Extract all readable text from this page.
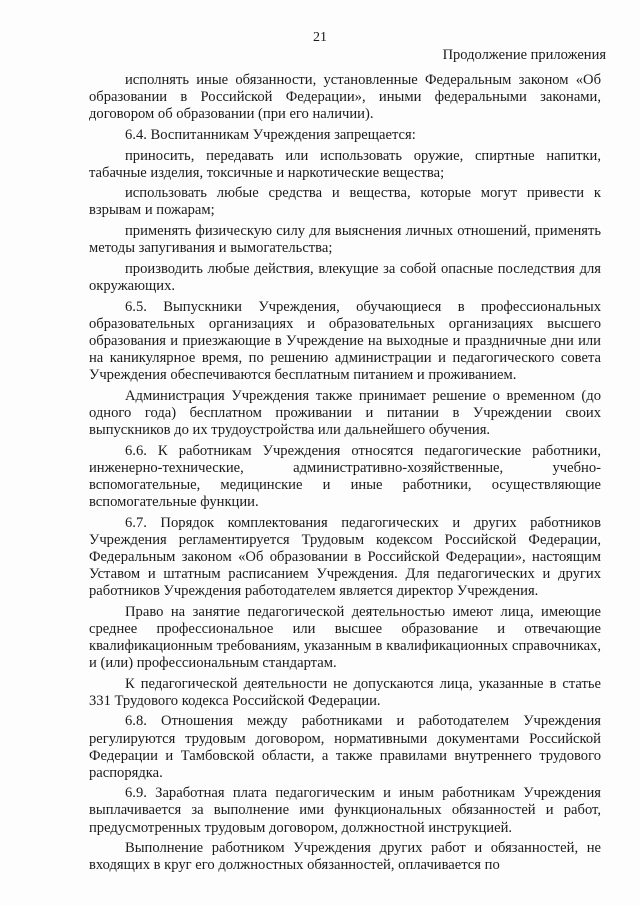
21
Продолжение приложения

исполнять иные обязанности, установленные Федеральным законом «Об образовании в Российской Федерации», иными федеральными законами, договором об образовании (при его наличии).

6.4. Воспитанникам Учреждения запрещается:

приносить, передавать или использовать оружие, спиртные напитки, табачные изделия, токсичные и наркотические вещества;

использовать любые средства и вещества, которые могут привести к взрывам и пожарам;

применять физическую силу для выяснения личных отношений, применять методы запугивания и вымогательства;

производить любые действия, влекущие за собой опасные последствия для окружающих.

6.5. Выпускники Учреждения, обучающиеся в профессиональных образовательных организациях и образовательных организациях высшего образования и приезжающие в Учреждение на выходные и праздничные дни или на каникулярное время, по решению администрации и педагогического совета Учреждения обеспечиваются бесплатным питанием и проживанием.

Администрация Учреждения также принимает решение о временном (до одного года) бесплатном проживании и питании в Учреждении своих выпускников до их трудоустройства или дальнейшего обучения.

6.6. К работникам Учреждения относятся педагогические работники, инженерно-технические, административно-хозяйственные, учебно-вспомогательные, медицинские и иные работники, осуществляющие вспомогательные функции.

6.7. Порядок комплектования педагогических и других работников Учреждения регламентируется Трудовым кодексом Российской Федерации, Федеральным законом «Об образовании в Российской Федерации», настоящим Уставом и штатным расписанием Учреждения. Для педагогических и других работников Учреждения работодателем является директор Учреждения.

Право на занятие педагогической деятельностью имеют лица, имеющие среднее профессиональное или высшее образование и отвечающие квалификационным требованиям, указанным в квалификационных справочниках, и (или) профессиональным стандартам.

К педагогической деятельности не допускаются лица, указанные в статье 331 Трудового кодекса Российской Федерации.

6.8. Отношения между работниками и работодателем Учреждения регулируются трудовым договором, нормативными документами Российской Федерации и Тамбовской области, а также правилами внутреннего трудового распорядка.

6.9. Заработная плата педагогическим и иным работникам Учреждения выплачивается за выполнение ими функциональных обязанностей и работ, предусмотренных трудовым договором, должностной инструкцией.

Выполнение работником Учреждения других работ и обязанностей, не входящих в круг его должностных обязанностей, оплачивается по
